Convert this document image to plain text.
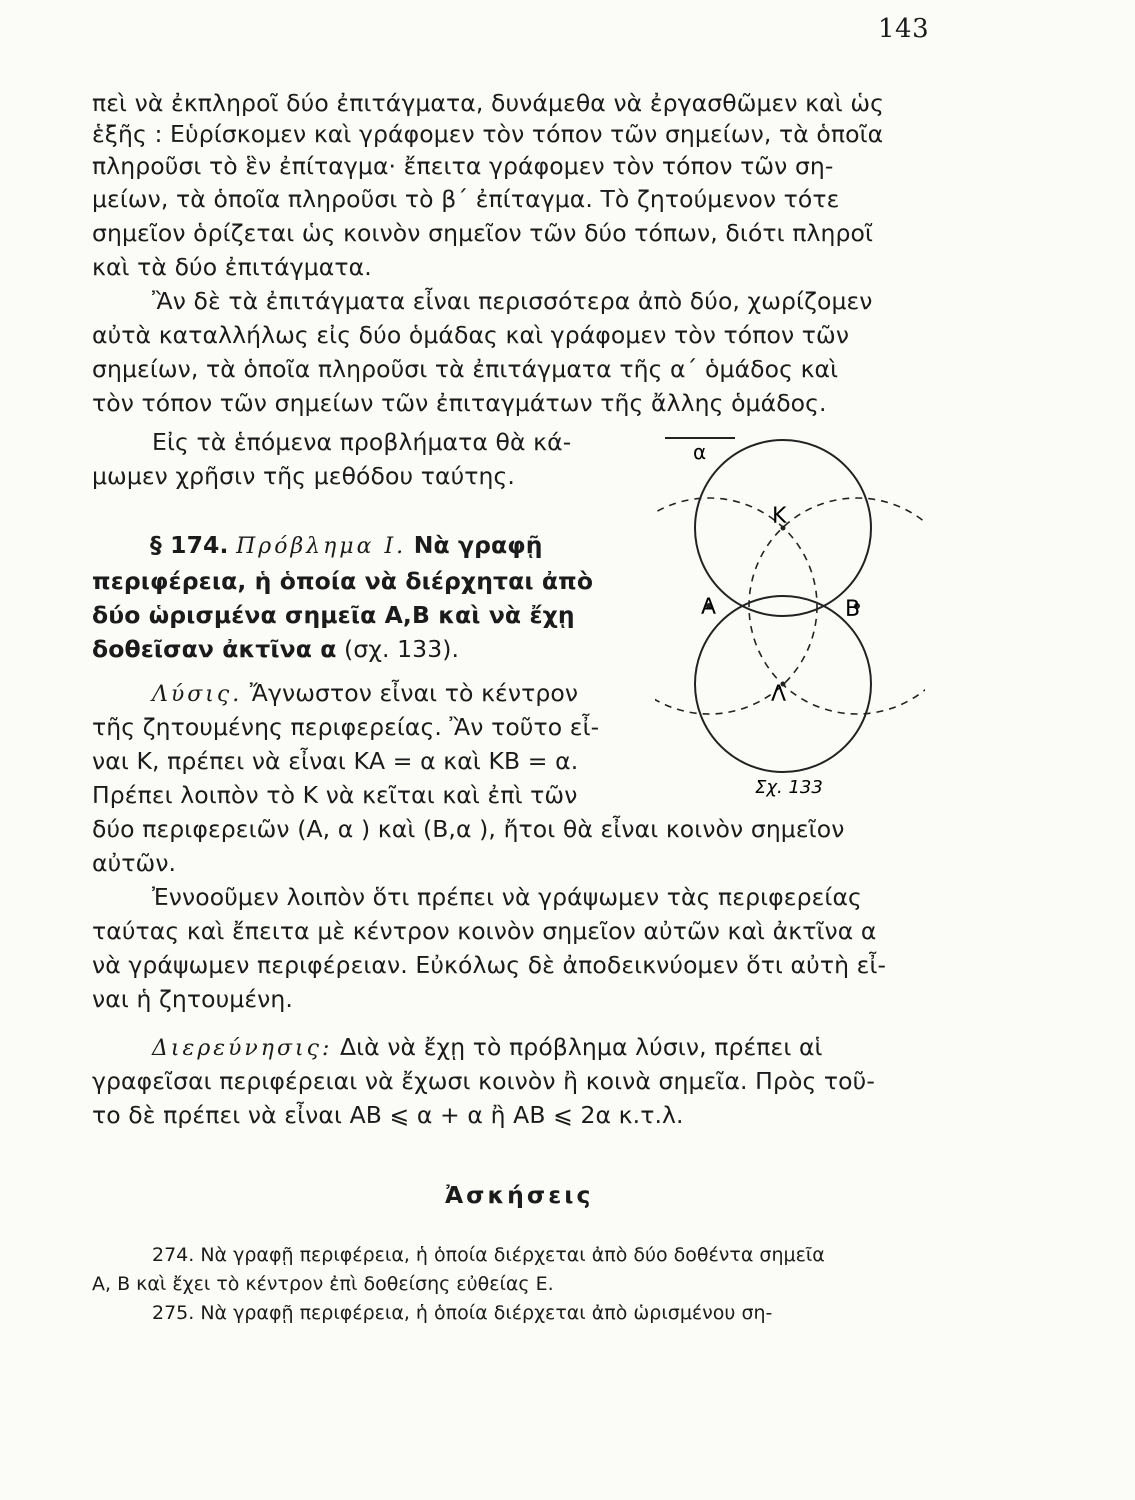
143
πεὶ νὰ ἐκπληροῖ δύο ἐπιτάγματα, δυνάμεθα νὰ ἐργασθῶμεν καὶ ὡς
ἑξῆς : Εὑρίσκομεν καὶ γράφομεν τὸν τόπον τῶν σημείων, τὰ ὁποῖα
πληροῦσι τὸ ἓν ἐπίταγμα· ἔπειτα γράφομεν τὸν τόπον τῶν ση-
μείων, τὰ ὁποῖα πληροῦσι τὸ β΄ ἐπίταγμα. Τὸ ζητούμενον τότε
σημεῖον ὁρίζεται ὡς κοινὸν σημεῖον τῶν δύο τόπων, διότι πληροῖ
καὶ τὰ δύο ἐπιτάγματα.
Ἂν δὲ τὰ ἐπιτάγματα εἶναι περισσότερα ἀπὸ δύο, χωρίζομεν
αὐτὰ καταλλήλως εἰς δύο ὁμάδας καὶ γράφομεν τὸν τόπον τῶν
σημείων, τὰ ὁποῖα πληροῦσι τὰ ἐπιτάγματα τῆς α΄ ὁμάδος καὶ
τὸν τόπον τῶν σημείων τῶν ἐπιταγμάτων τῆς ἄλλης ὁμάδος.
Εἰς τὰ ἑπόμενα προβλήματα θὰ κά-
μωμεν χρῆσιν τῆς μεθόδου ταύτης.
§ 174. Πρόβλημα Ι. Νὰ γραφῇ
περιφέρεια, ἡ ὁποία νὰ διέρχηται ἀπὸ
δύο ὡρισμένα σημεῖα Α,Β καὶ νὰ ἔχῃ
δοθεῖσαν ἀκτῖνα α (σχ. 133).
Λύσις. Ἄγνωστον εἶναι τὸ κέντρον
τῆς ζητουμένης περιφερείας. Ἂν τοῦτο εἶ-
ναι Κ, πρέπει νὰ εἶναι ΚΑ = α καὶ ΚΒ = α.
Πρέπει λοιπὸν τὸ Κ νὰ κεῖται καὶ ἐπὶ τῶν
δύο περιφερειῶν (Α, α ) καὶ (Β,α ), ἤτοι θὰ εἶναι κοινὸν σημεῖον
αὐτῶν.
Ἐννοοῦμεν λοιπὸν ὅτι πρέπει νὰ γράψωμεν τὰς περιφερείας
ταύτας καὶ ἔπειτα μὲ κέντρον κοινὸν σημεῖον αὐτῶν καὶ ἀκτῖνα α
νὰ γράψωμεν περιφέρειαν. Εὐκόλως δὲ ἀποδεικνύομεν ὅτι αὐτὴ εἶ-
ναι ἡ ζητουμένη.
Διερεύνησις: Διὰ νὰ ἔχῃ τὸ πρόβλημα λύσιν, πρέπει αἱ
γραφεῖσαι περιφέρειαι νὰ ἔχωσι κοινὸν ἢ κοινὰ σημεῖα. Πρὸς τοῦ-
το δὲ πρέπει νὰ εἶναι ΑΒ ⩽ α + α ἢ ΑΒ ⩽ 2α κ.τ.λ.
Ἀσκήσεις
274. Νὰ γραφῇ περιφέρεια, ἡ ὁποία διέρχεται ἀπὸ δύο δοθέντα σημεῖα
Α, Β καὶ ἔχει τὸ κέντρον ἐπὶ δοθείσης εὐθείας Ε.
275. Νὰ γραφῇ περιφέρεια, ἡ ὁποία διέρχεται ἀπὸ ὡρισμένου ση-
α
Κ
Α	Β
Λ
Σχ. 133
